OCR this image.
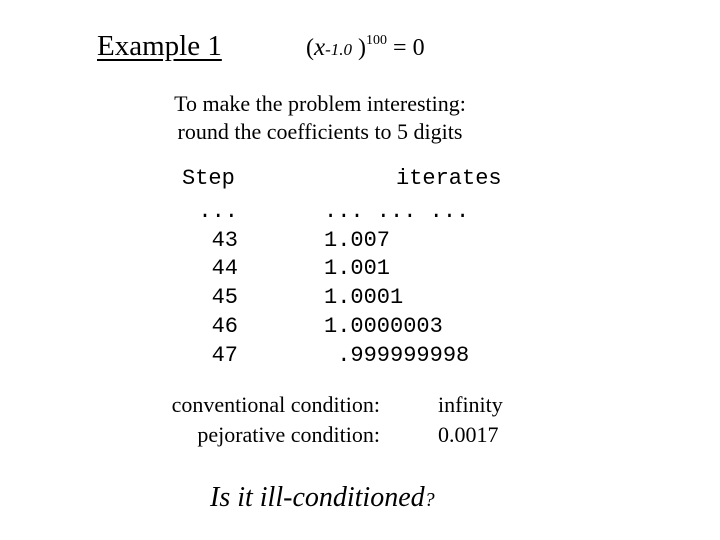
Example 1	(x-1.0 )$^{100}$ = 0
To make the problem interesting:
round the coefficients to 5 digits
Step	iterates
...
43
44
45
46
47
... ... ...
1.007
1.001
1.0001
1.0000003
.999999998
conventional condition:
pejorative condition:
infinity
0.0017
Is it ill-conditioned?
